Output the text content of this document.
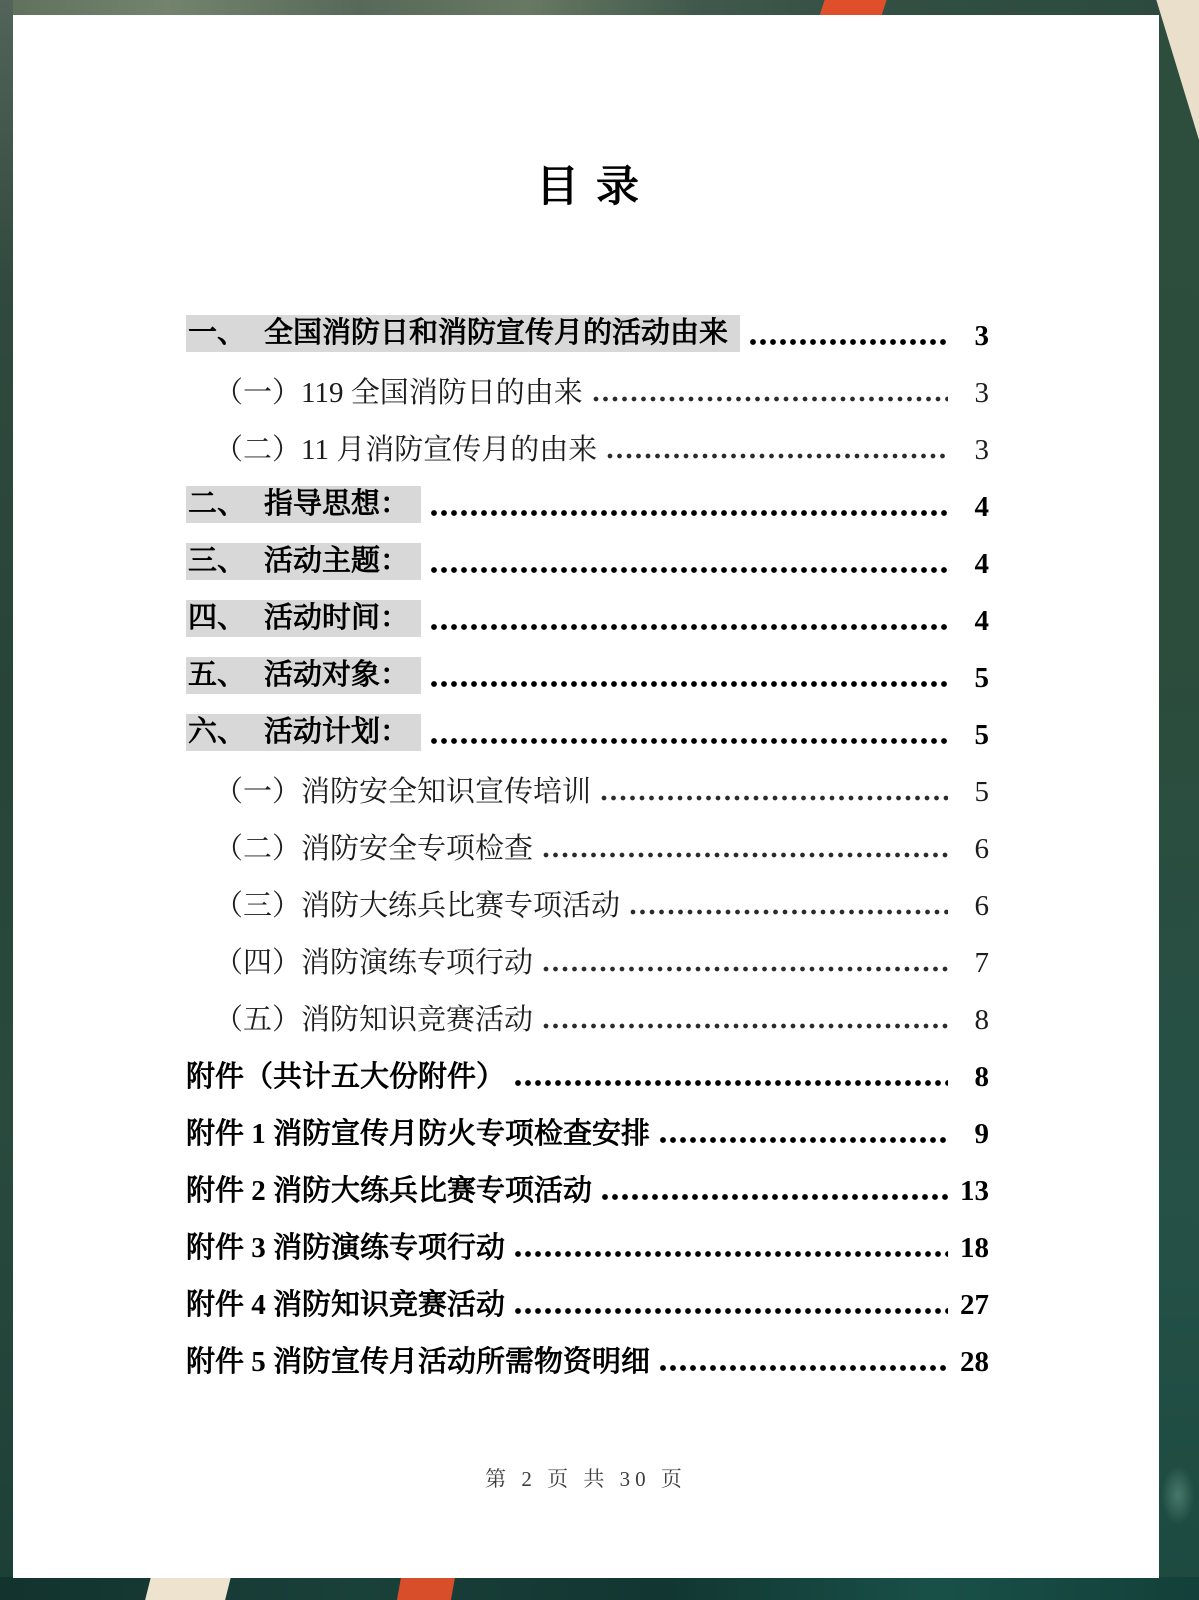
目录
一、 全国消防日和消防宣传月的活动由来	3
（一）119 全国消防日的由来	3
（二）11 月消防宣传月的由来	3
二、 指导思想：	4
三、 活动主题：	4
四、 活动时间：	4
五、 活动对象：	5
六、 活动计划：	5
（一）消防安全知识宣传培训	5
（二）消防安全专项检查	6
（三）消防大练兵比赛专项活动	6
（四）消防演练专项行动	7
（五）消防知识竞赛活动	8
附件（共计五大份附件）	8
附件 1 消防宣传月防火专项检查安排	9
附件 2 消防大练兵比赛专项活动	13
附件 3 消防演练专项行动	18
附件 4 消防知识竞赛活动	27
附件 5 消防宣传月活动所需物资明细	28
第 2 页 共 30 页
